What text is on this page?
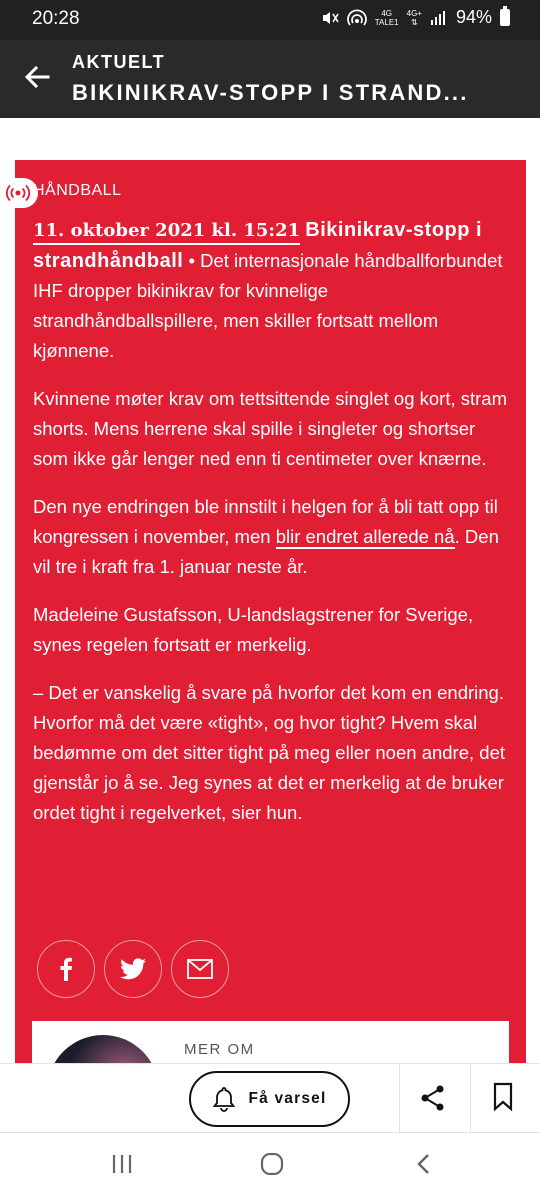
20:28	4G
TALE1
4G+
⇅ 94%
AKTUELT
BIKINIKRAV-STOPP I STRAND...
HÅNDBALL

11. oktober 2021 kl. 15:21 Bikinikrav-stopp i strandhåndball • Det internasjonale håndballforbundet IHF dropper bikinikrav for kvinnelige strandhåndballspillere, men skiller fortsatt mellom kjønnene.

Kvinnene møter krav om tettsittende singlet og kort, stram shorts. Mens herrene skal spille i singleter og shortser som ikke går lenger ned enn ti centimeter over knærne.

Den nye endringen ble innstilt i helgen for å bli tatt opp til kongressen i november, men blir endret allerede nå. Den vil tre i kraft fra 1. januar neste år.

Madeleine Gustafsson, U-landslagstrener for Sverige, synes regelen fortsatt er merkelig.

– Det er vanskelig å svare på hvorfor det kom en endring. Hvorfor må det være «tight», og hvor tight? Hvem skal bedømme om det sitter tight på meg eller noen andre, det gjenstår jo å se. Jeg synes at det er merkelig at de bruker ordet tight i regelverket, sier hun.

MER OM
Få varsel
